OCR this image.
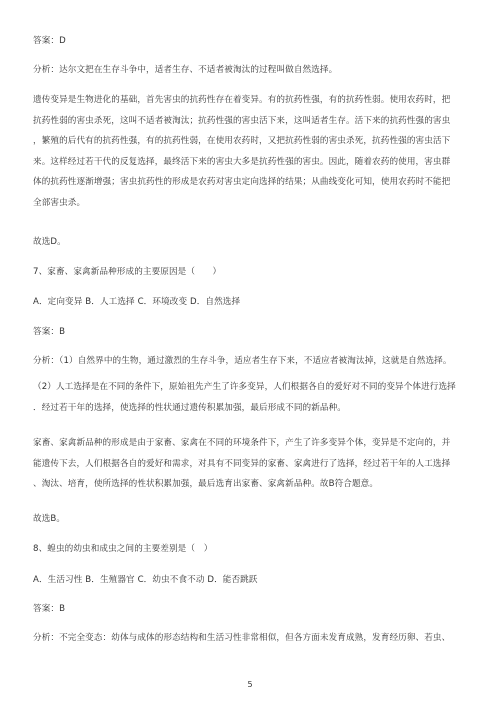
答案：D
分析：达尔文把在生存斗争中，适者生存、不适者被淘汰的过程叫做自然选择。
遗传变异是生物进化的基础，首先害虫的抗药性存在着变异。有的抗药性强，有的抗药性弱。使用农药时，把
抗药性弱的害虫杀死，这叫不适者被淘汰；抗药性强的害虫活下来，这叫适者生存。活下来的抗药性强的害虫
，繁殖的后代有的抗药性强，有的抗药性弱，在使用农药时，又把抗药性弱的害虫杀死，抗药性强的害虫活下
来。这样经过若干代的反复选择，最终活下来的害虫大多是抗药性强的害虫。因此，随着农药的使用，害虫群
体的抗药性逐渐增强；害虫抗药性的形成是农药对害虫定向选择的结果；从曲线变化可知，使用农药时不能把
全部害虫杀。
故选D。
7、家畜、家禽新品种形成的主要原因是（　　）
A．定向变异 B．人工选择 C．环境改变 D．自然选择
答案：B
分析：（1）自然界中的生物，通过激烈的生存斗争，适应者生存下来，不适应者被淘汰掉，这就是自然选择。
（2）人工选择是在不同的条件下，原始祖先产生了许多变异，人们根据各自的爱好对不同的变异个体进行选择
．经过若干年的选择，使选择的性状通过遗传积累加强，最后形成不同的新品种。
家畜、家禽新品种的形成是由于家畜、家禽在不同的环境条件下，产生了许多变异个体，变异是不定向的，并
能遗传下去，人们根据各自的爱好和需求，对具有不同变异的家畜、家禽进行了选择，经过若干年的人工选择
、淘汰、培育，使所选择的性状积累加强，最后选育出家畜、家禽新品种。故B符合题意。
故选B。
8、蝗虫的幼虫和成虫之间的主要差别是（　）
A．生活习性 B．生殖器官 C．幼虫不食不动 D．能否跳跃
答案：B
分析：不完全变态：幼体与成体的形态结构和生活习性非常相似，但各方面未发育成熟，发育经历卵、若虫、
5
